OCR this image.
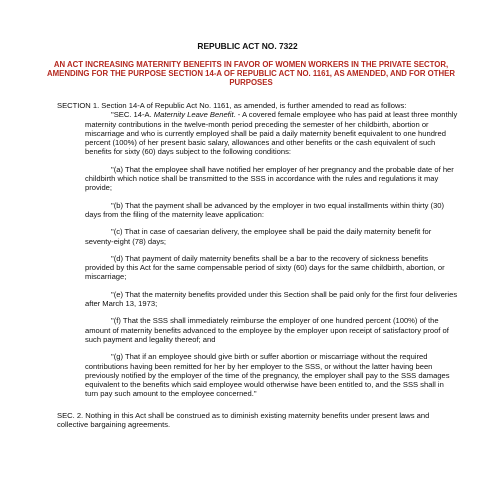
REPUBLIC ACT NO. 7322
AN ACT INCREASING MATERNITY BENEFITS IN FAVOR OF WOMEN WORKERS IN THE PRIVATE SECTOR, AMENDING FOR THE PURPOSE SECTION 14-A OF REPUBLIC ACT NO. 1161, AS AMENDED, AND FOR OTHER PURPOSES

SECTION 1. Section 14-A of Republic Act No. 1161, as amended, is further amended to read as follows:

"SEC. 14-A. Maternity Leave Benefit. - A covered female employee who has paid at least three monthly maternity contributions in the twelve-month period preceding the semester of her childbirth, abortion or miscarriage and who is currently employed shall be paid a daily maternity benefit equivalent to one hundred percent (100%) of her present basic salary, allowances and other benefits or the cash equivalent of such benefits for sixty (60) days subject to the following conditions:

"(a) That the employee shall have notified her employer of her pregnancy and the probable date of her childbirth which notice shall be transmitted to the SSS in accordance with the rules and regulations it may provide;

"(b) That the payment shall be advanced by the employer in two equal installments within thirty (30) days from the filing of the maternity leave application:

"(c) That in case of caesarian delivery, the employee shall be paid the daily maternity benefit for seventy-eight (78) days;

"(d) That payment of daily maternity benefits shall be a bar to the recovery of sickness benefits provided by this Act for the same compensable period of sixty (60) days for the same childbirth, abortion, or miscarriage;

"(e) That the maternity benefits provided under this Section shall be paid only for the first four deliveries after March 13, 1973;

"(f) That the SSS shall immediately reimburse the employer of one hundred percent (100%) of the amount of maternity benefits advanced to the employee by the employer upon receipt of satisfactory proof of such payment and legality thereof; and

"(g) That if an employee should give birth or suffer abortion or miscarriage without the required contributions having been remitted for her by her employer to the SSS, or without the latter having been previously notified by the employer of the time of the pregnancy, the employer shall pay to the SSS damages equivalent to the benefits which said employee would otherwise have been entitled to, and the SSS shall in turn pay such amount to the employee concerned."

SEC. 2. Nothing in this Act shall be construed as to diminish existing maternity benefits under present laws and collective bargaining agreements.
